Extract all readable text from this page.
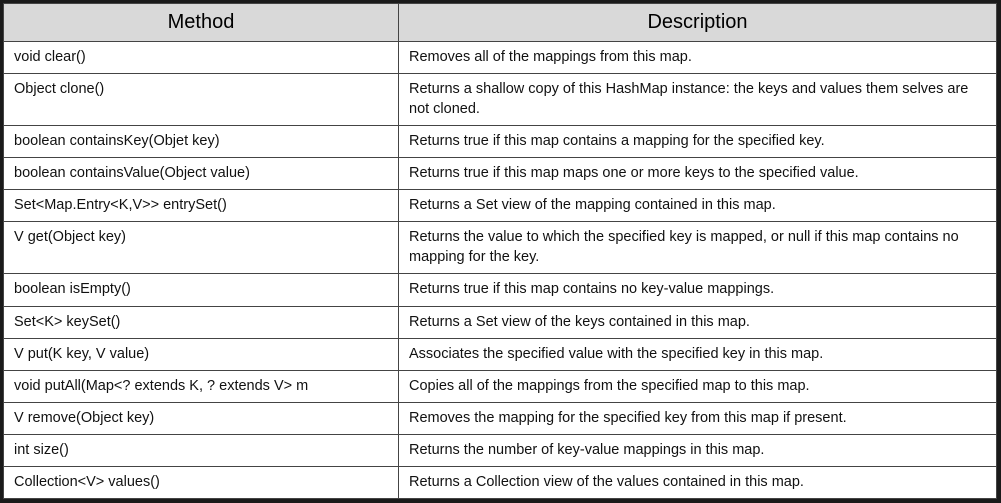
Method	Description
void clear()	Removes all of the mappings from this map.
Object clone()	Returns a shallow copy of this HashMap instance: the keys and values them selves are not cloned.
boolean containsKey(Objet key)	Returns true if this map contains a mapping for the specified key.
boolean containsValue(Object value)	Returns true if this map maps one or more keys to the specified value.
Set<Map.Entry<K,V>> entrySet()	Returns a Set view of the mapping contained in this map.
V get(Object key)	Returns the value to which the specified key is mapped, or null if this map contains no mapping for the key.
boolean isEmpty()	Returns true if this map contains no key-value mappings.
Set<K> keySet()	Returns a Set view of the keys contained in this map.
V put(K key, V value)	Associates the specified value with the specified key in this map.
void putAll(Map<? extends K, ? extends V> m	Copies all of the mappings from the specified map to this map.
V remove(Object key)	Removes the mapping for the specified key from this map if present.
int size()	Returns the number of key-value mappings in this map.
Collection<V> values()	Returns a Collection view of the values contained in this map.
